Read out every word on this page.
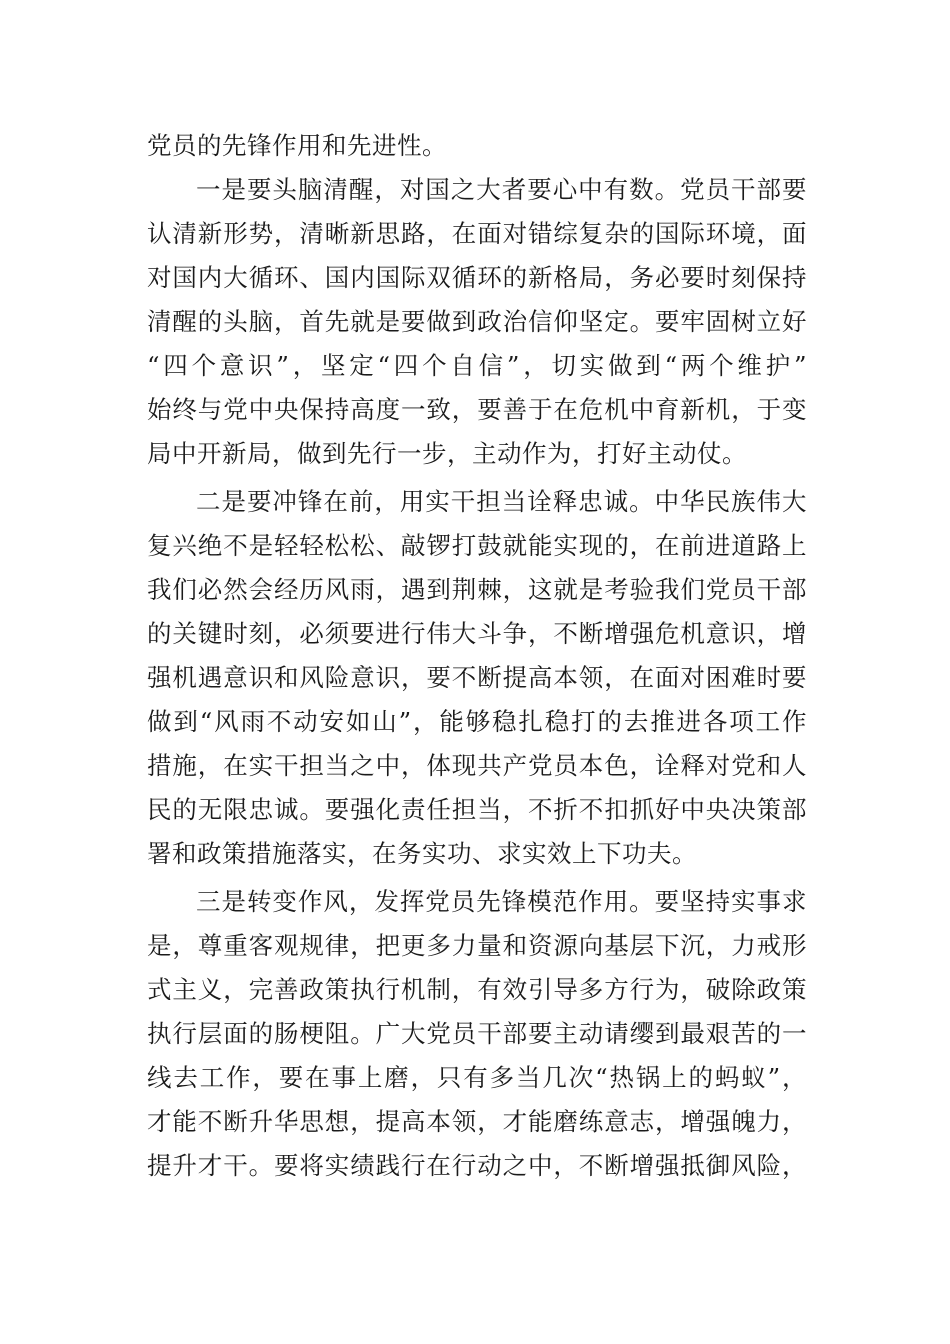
党员的先锋作用和先进性。
一是要头脑清醒，对国之大者要心中有数。党员干部要
认清新形势，清晰新思路，在面对错综复杂的国际环境，面
对国内大循环、国内国际双循环的新格局，务必要时刻保持
清醒的头脑，首先就是要做到政治信仰坚定。要牢固树立好
“四个意识”，坚定“四个自信”，切实做到“两个维护”
始终与党中央保持高度一致，要善于在危机中育新机，于变
局中开新局，做到先行一步，主动作为，打好主动仗。
二是要冲锋在前，用实干担当诠释忠诚。中华民族伟大
复兴绝不是轻轻松松、敲锣打鼓就能实现的，在前进道路上
我们必然会经历风雨，遇到荆棘，这就是考验我们党员干部
的关键时刻，必须要进行伟大斗争，不断增强危机意识，增
强机遇意识和风险意识，要不断提高本领，在面对困难时要
做到“风雨不动安如山”，能够稳扎稳打的去推进各项工作
措施，在实干担当之中，体现共产党员本色，诠释对党和人
民的无限忠诚。要强化责任担当，不折不扣抓好中央决策部
署和政策措施落实，在务实功、求实效上下功夫。
三是转变作风，发挥党员先锋模范作用。要坚持实事求
是，尊重客观规律，把更多力量和资源向基层下沉，力戒形
式主义，完善政策执行机制，有效引导多方行为，破除政策
执行层面的肠梗阻。广大党员干部要主动请缨到最艰苦的一
线去工作，要在事上磨，只有多当几次“热锅上的蚂蚁”，
才能不断升华思想，提高本领，才能磨练意志，增强魄力，
提升才干。要将实绩践行在行动之中，不断增强抵御风险，
